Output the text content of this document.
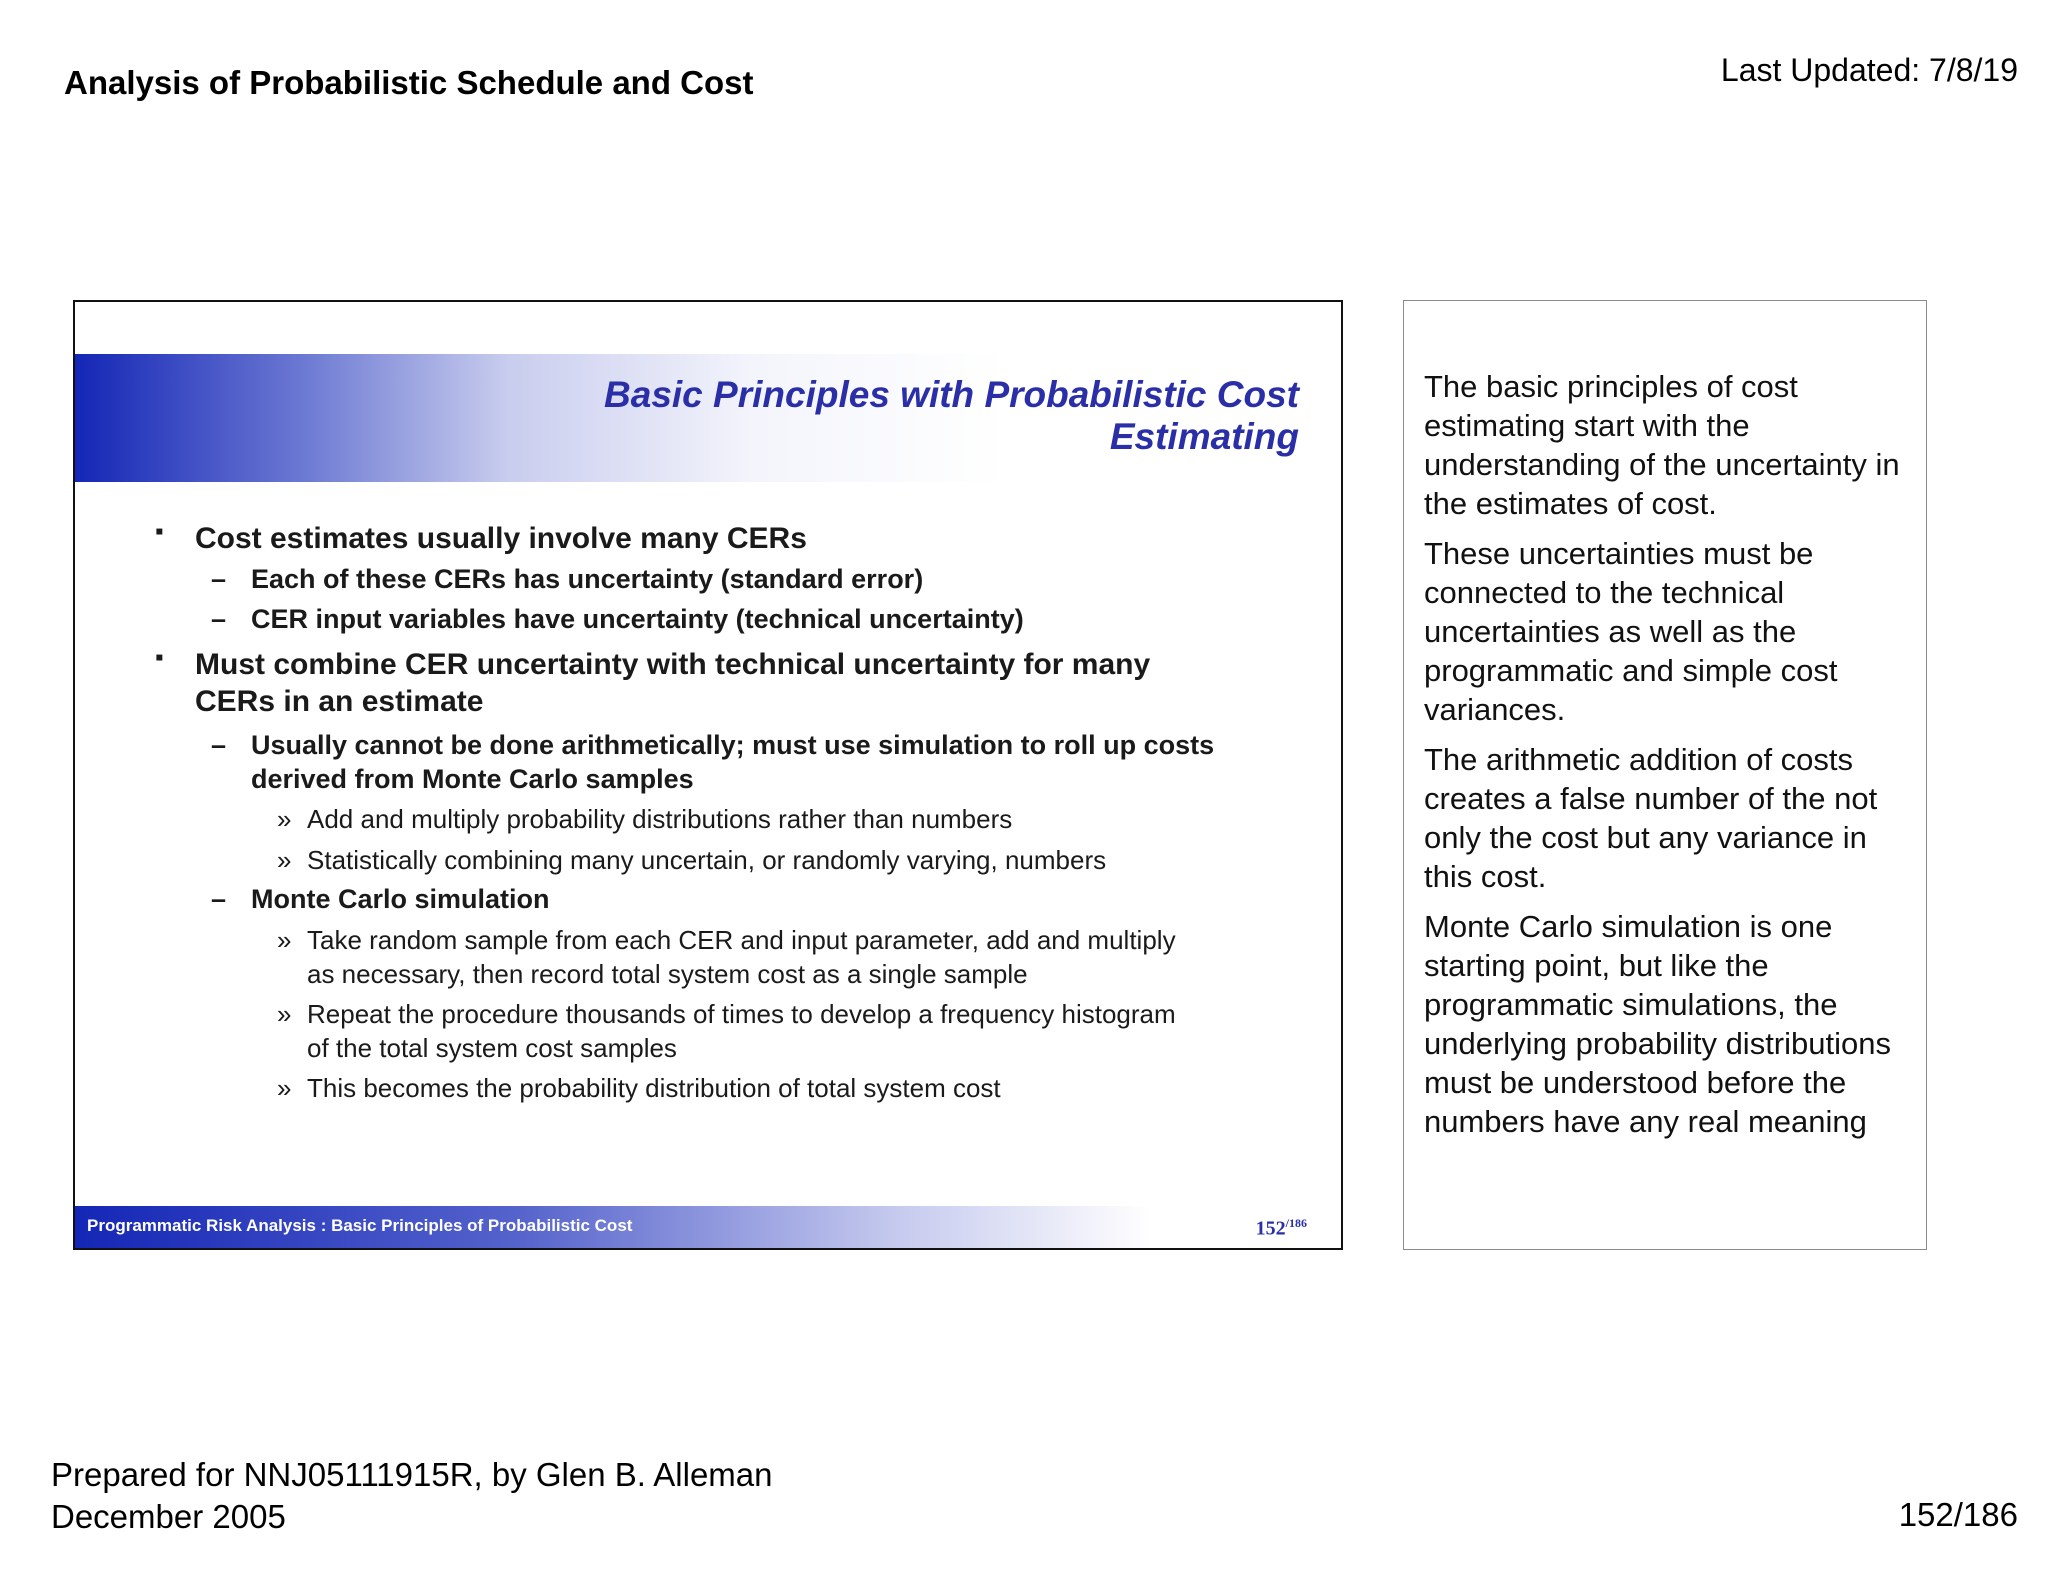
Analysis of Probabilistic Schedule and Cost	Last Updated: 7/8/19
Basic Principles with Probabilistic Cost
Estimating
▪ Cost estimates usually involve many CERs
– Each of these CERs has uncertainty (standard error)
– CER input variables have uncertainty (technical uncertainty)
▪ Must combine CER uncertainty with technical uncertainty for many
CERs in an estimate
– Usually cannot be done arithmetically; must use simulation to roll up costs
derived from Monte Carlo samples
» Add and multiply probability distributions rather than numbers
» Statistically combining many uncertain, or randomly varying, numbers
– Monte Carlo simulation
» Take random sample from each CER and input parameter, add and multiply
as necessary, then record total system cost as a single sample
» Repeat the procedure thousands of times to develop a frequency histogram
of the total system cost samples
» This becomes the probability distribution of total system cost
Programmatic Risk Analysis : Basic Principles of Probabilistic Cost	$152^{/186}$

The basic principles of cost estimating start with the understanding of the uncertainty in the estimates of cost.

These uncertainties must be connected to the technical uncertainties as well as the programmatic and simple cost variances.

The arithmetic addition of costs creates a false number of the not only the cost but any variance in this cost.

Monte Carlo simulation is one starting point, but like the programmatic simulations, the underlying probability distributions must be understood before the numbers have any real meaning

Prepared for NNJ05111915R, by Glen B. Alleman
December 2005	152/186
